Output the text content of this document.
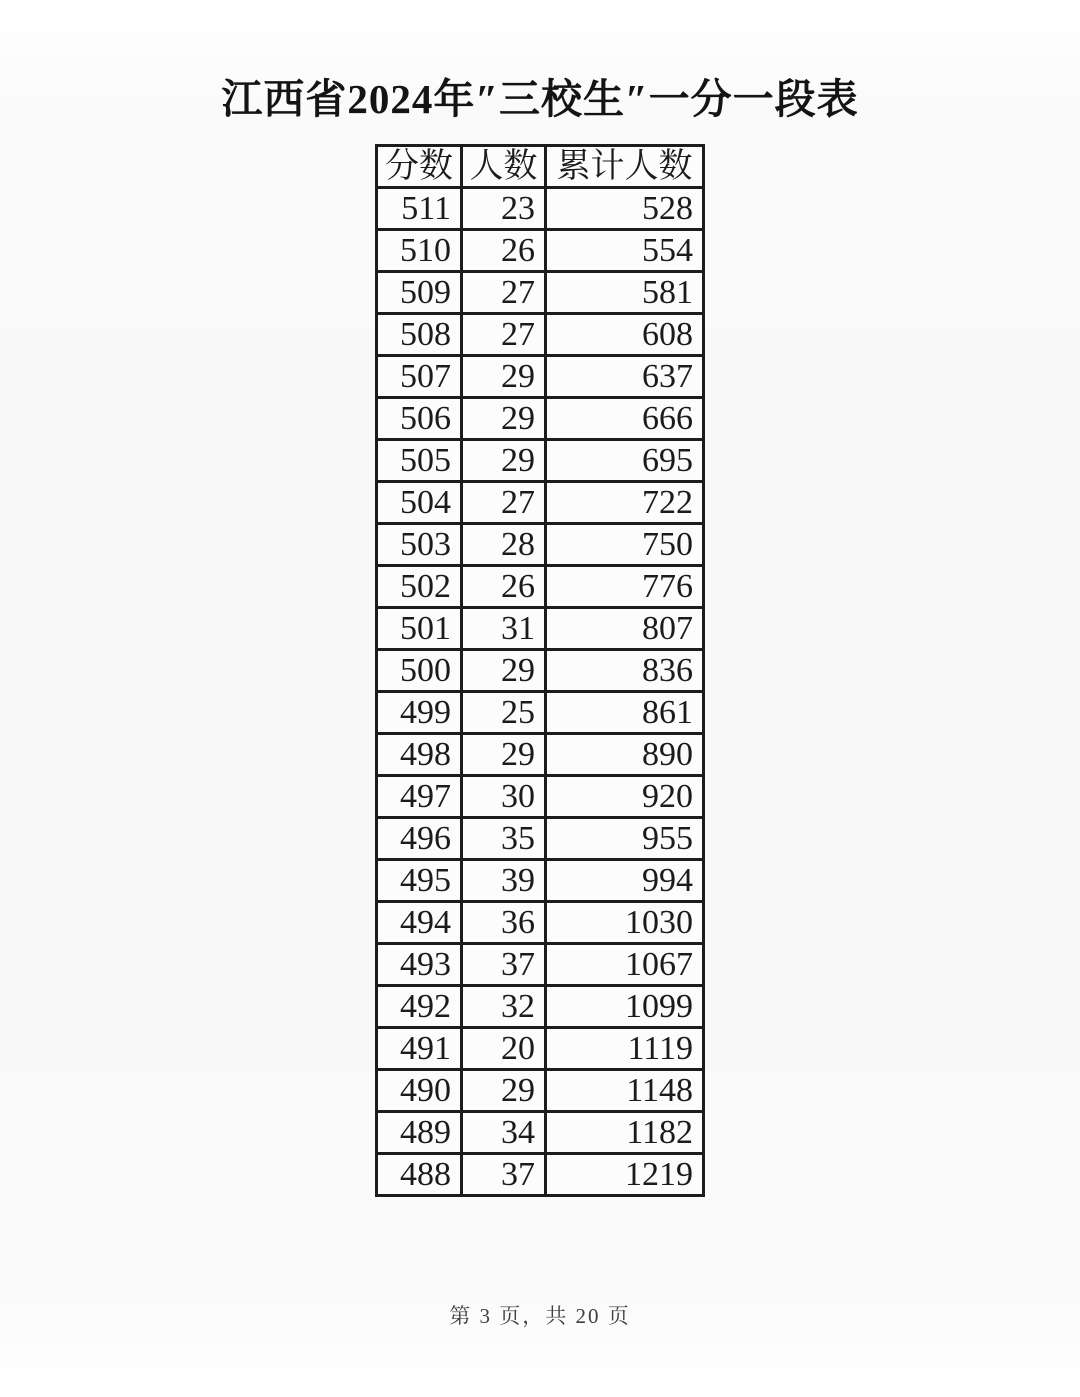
江西省2024年″三校生″一分一段表
分数	人数	累计人数
511	23	528
510	26	554
509	27	581
508	27	608
507	29	637
506	29	666
505	29	695
504	27	722
503	28	750
502	26	776
501	31	807
500	29	836
499	25	861
498	29	890
497	30	920
496	35	955
495	39	994
494	36	1030
493	37	1067
492	32	1099
491	20	1119
490	29	1148
489	34	1182
488	37	1219
第 3 页，共 20 页
